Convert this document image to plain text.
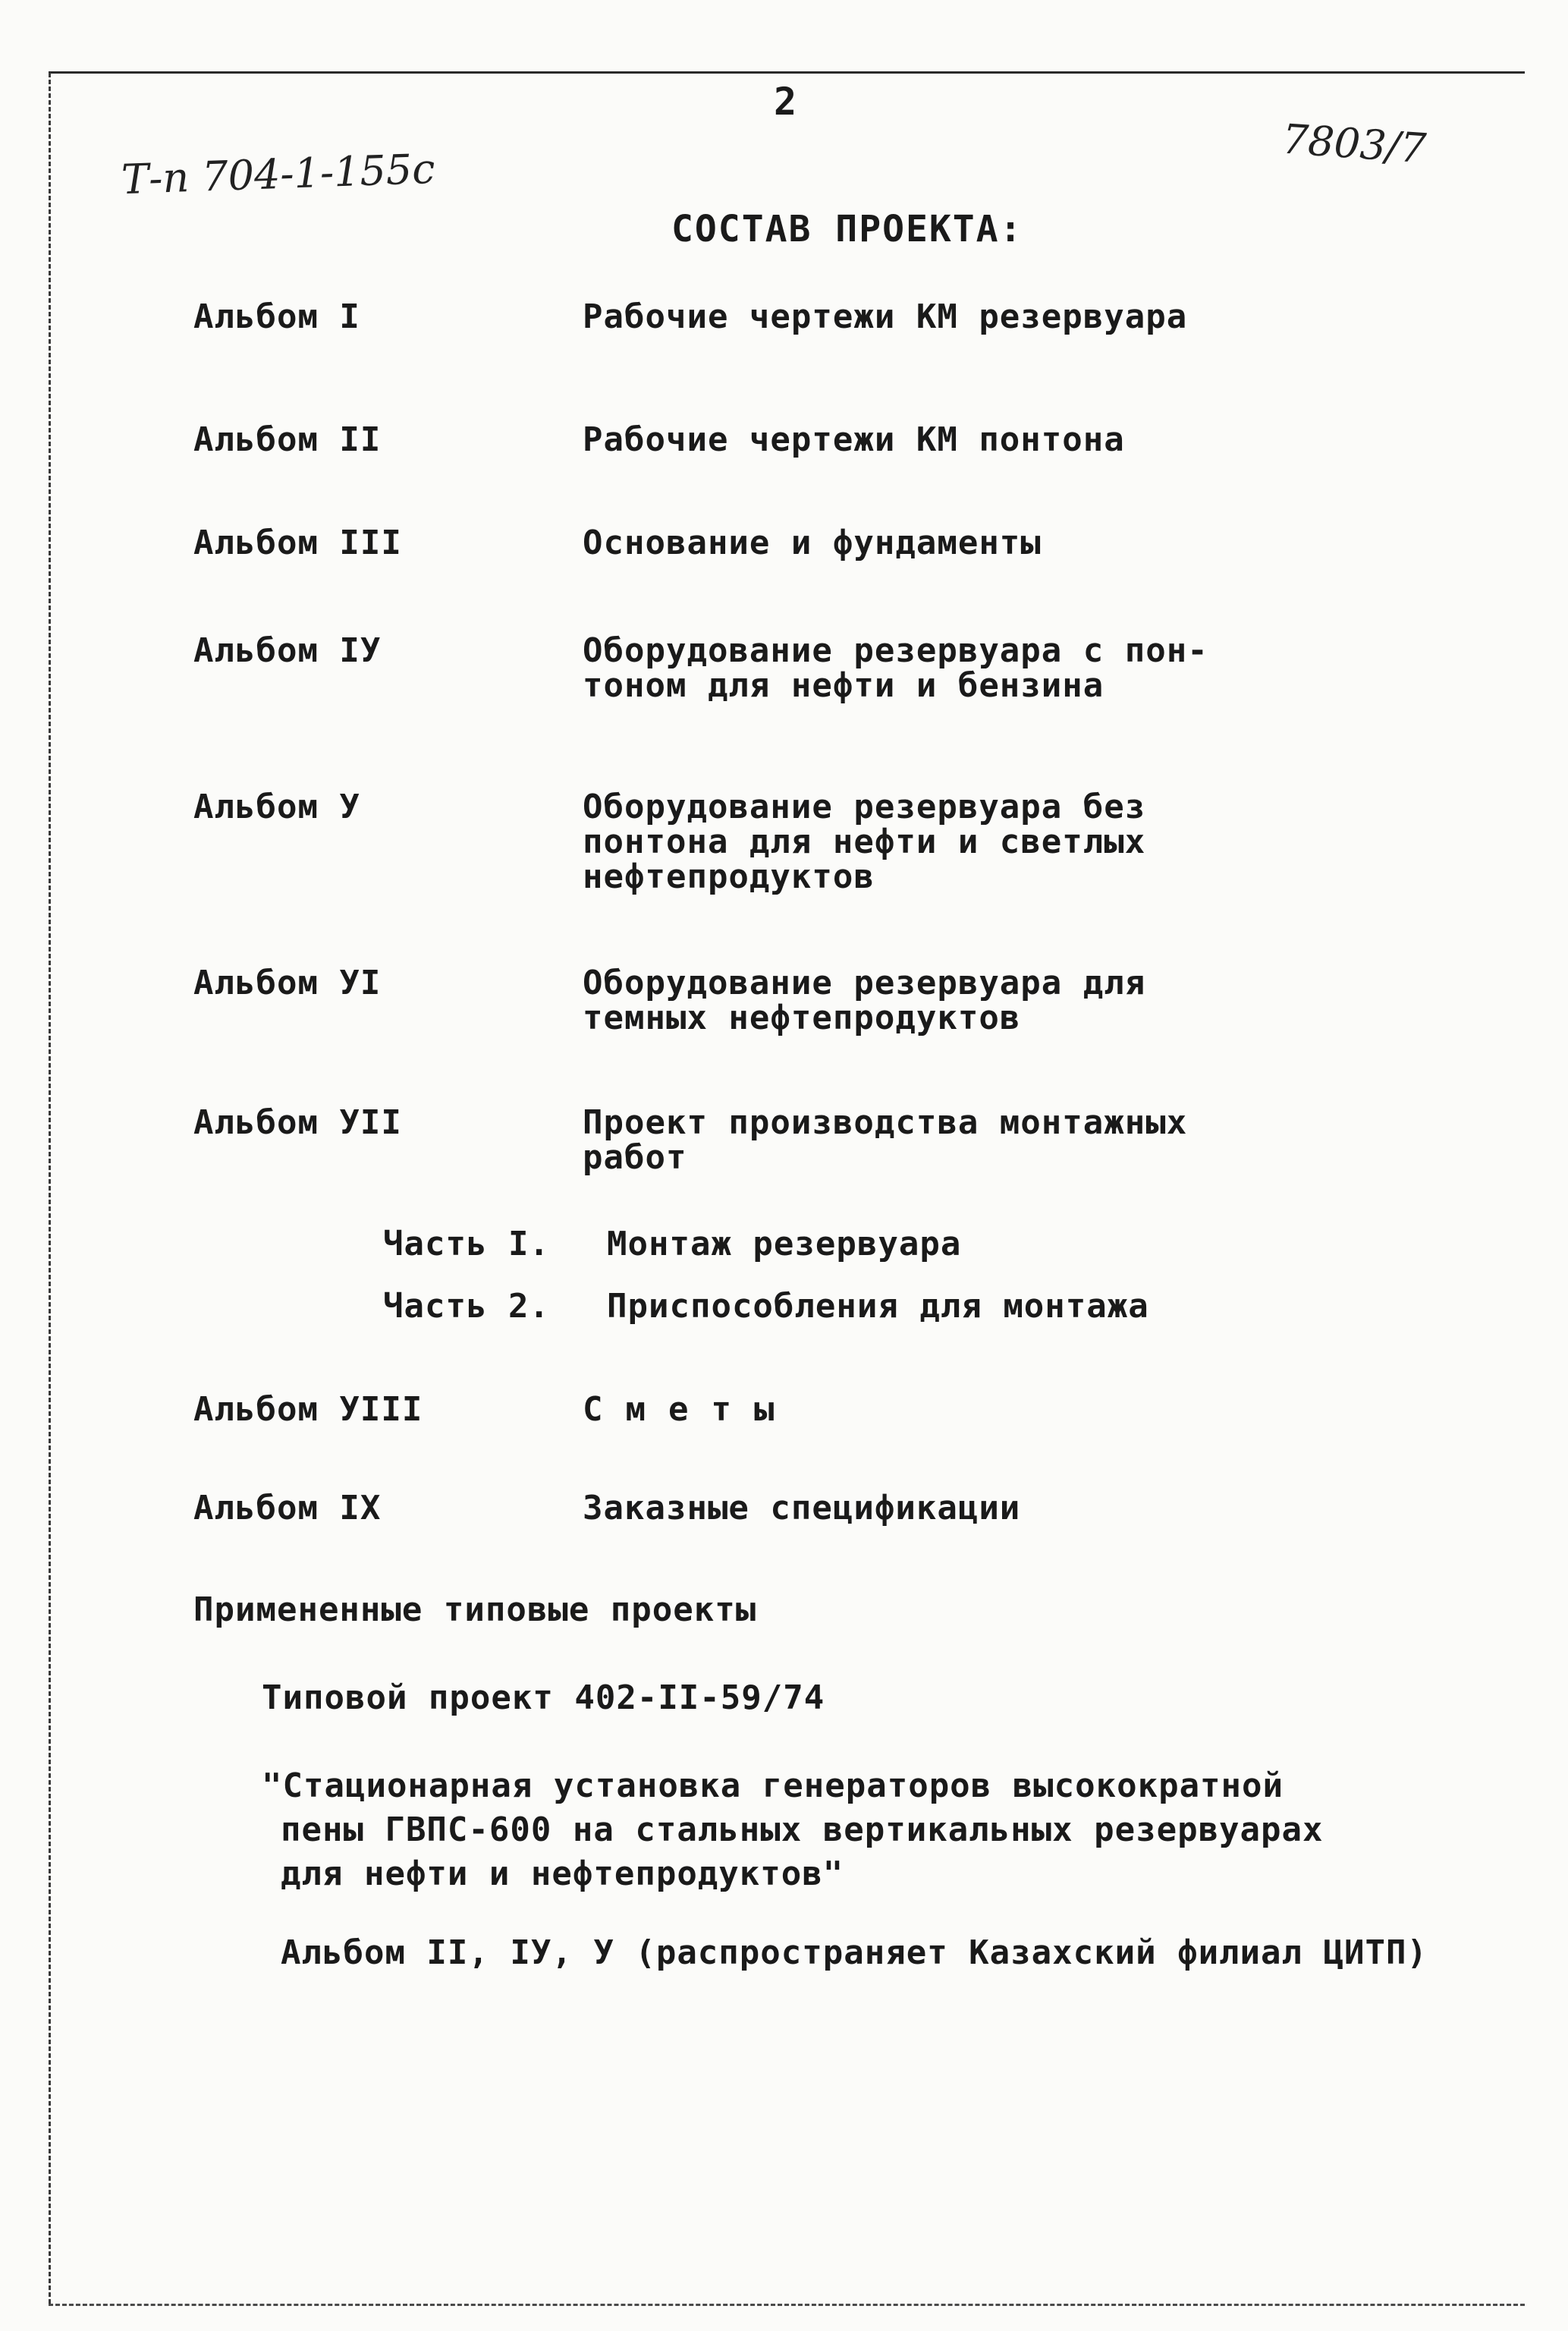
2
Т-п 704-1-155с
7803/7
СОСТАВ ПРОЕКТА:
Альбом I	Рабочие чертежи КМ резервуара
Альбом II	Рабочие чертежи КМ понтона
Альбом III	Основание и фундаменты
Альбом IУ	Оборудование резервуара с пон-
тоном для нефти и бензина
Альбом У	Оборудование резервуара без
понтона для нефти и светлых
нефтепродуктов
Альбом УI	Оборудование резервуара для
темных нефтепродуктов
Альбом УII	Проект производства монтажных
работ
Часть I. Монтаж резервуара
Часть 2. Приспособления для монтажа
Альбом УIII	Сметы
Альбом IX	Заказные спецификации
Примененные типовые проекты
Типовой проект 402-II-59/74
"Стационарная установка генераторов высокократной
пены ГВПС-600 на стальных вертикальных резервуарах
для нефти и нефтепродуктов"
Альбом II, IУ, У (распространяет Казахский филиал ЦИТП)
